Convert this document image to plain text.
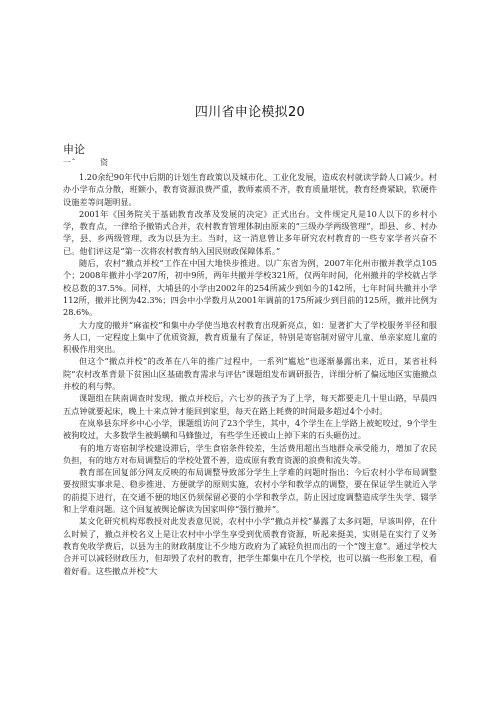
四川省申论模拟20
申论
一ˆ	资

1.20余纪90年代中后期的计划生育政策以及城市化、工业化发展，造成农村就读学龄人口减少。村办小学布点分散，班额小，教育资源浪费严重，教师素质不齐，教育质量堪忧，教育经费紧缺，软硬件设施差等问题明显。

2001年《国务院关于基础教育改革及发展的决定》正式出台。文件规定凡是10人以下的乡村小学，教育点，一律给予撤销式合并，农村教育管理体制由原来的“三级办学两级管理”，即县、乡、村办学，县、乡两级管理，改为以县为主。当时，这一消息曾让多年研究农村教育的一些专家学者兴奋不已。他们评这是“第一次将农村教育纳入国民财政保障体系。”

随后，农村“撤点并校”工作在中国大地快步推进。以广东省为例，2007年化州市撤并教学点105个；2008年撤并小学207所，初中9所，两年共撤并学校321所，仅两年时间，化州撤并的学校就占学校总数的37.5%。同样，大埔县的小学由2002年的254所减少到如今的142所，七年时间共撤并小学112所，撤并比例为42.3%；四会中小学数月从2001年调前的175所减少到目前的125所，撤并比例为28.6%。

大力度的撤并“麻雀校”和集中办学使当地农村教育出现新亮点，如：显著扩大了学校服务半径和服务人口，一定程度上集中了优质资源，教育质量有了保证，特别是寄宿制对留守儿童、单亲家庭儿童的积极作用突出。

但这个“撤点并校”的改革在八年的推广过程中，一系列“尴尬”也逐渐暴露出来，近日，某省社科院“农村改革背景下贫困山区基础教育需求与评估”课题组发布调研报告，详细分析了偏远地区实施撤点并校的利与弊。

课题组在陕南调查时发现，撤点并校后，六七岁的孩子为了上学，每天都要走几十里山路，早晨四五点钟就要起床，晚上十来点钟才能回到家里，每天在路上耗费的时间最多超过4个小时。

在岚皋县东坪乡中心小学，课题组访问了23个学生，其中，4个学生在上学路上被蛇咬过，9个学生被狗咬过，大多数学生被蚂蟥和马蜂蛰过，有些学生还被山上掉下来的石头砸伤过。

有的地方寄宿制学校建设滞后，学生食宿条件较差，生活费用超出当地群众承受能力，增加了农民负担，有的地方对布局调整后的学校处置不善，造成原有教育资源的浪费和流失等。

教育部在回复部分网友反映的布局调整导致部分学生上学难的问题时指出：今后农村小学布局调整要按照实事求是、稳步推进、方便就学的原则实施，农村小学和教学点的调整，要在保证学生就近入学的前提下进行，在交通不便的地区仍须保留必要的小学和教学点，防止因过度调整造成学生失学、辍学和上学难问题。这个回复被舆论解读为国家叫停“强行撤并”。

某文化研究机构郑教授对此发表意见说，农村中小学“撤点并校”暴露了太多问题，早该叫停，在什么时候了，撤点并校名义上是让农村中小学生享受到优质教育资源，听起来挺美，实则是在实行了义务教育免收学费后，以县为主的财政制度让不少地方政府为了减轻负担而出的一个“馊主意”。通过学校大合并可以减轻财政压力，但却毁了农村的教育，把学生都集中在几个学校，也可以搞一些形象工程，看着好看。这些撤点并校“大
